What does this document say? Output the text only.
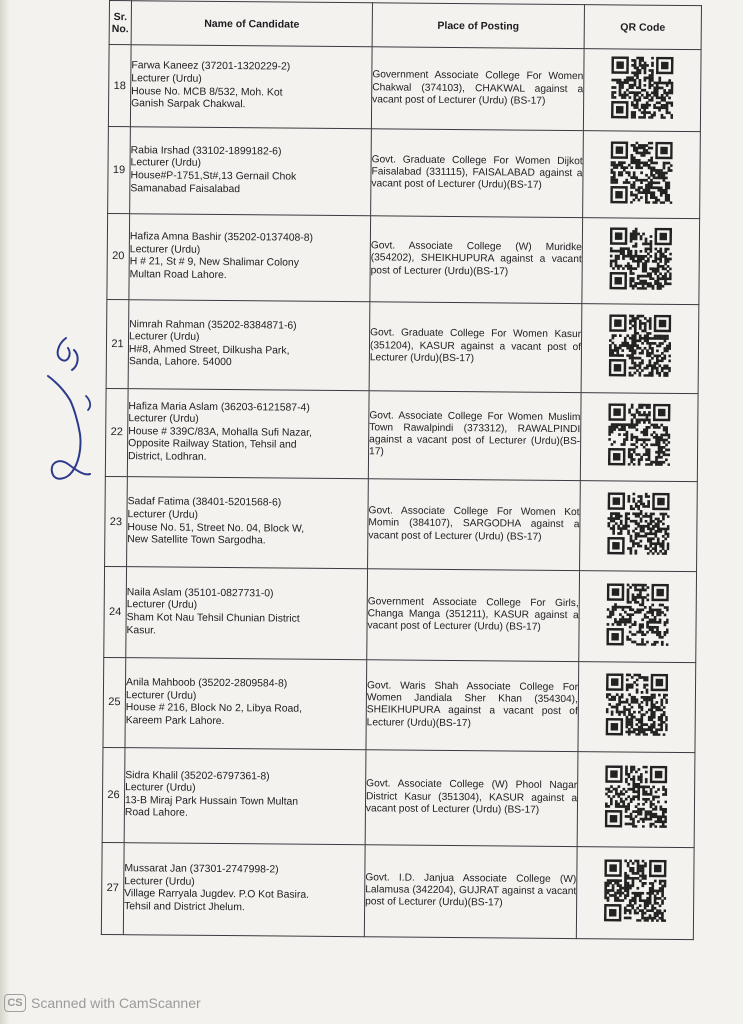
Sr. No.	Name of Candidate	Place of Posting	QR Code
18	Farwa Kaneez (37201-1320229-2)
Lecturer (Urdu)
House No. MCB 8/532, Moh. Kot
Ganish Sarpak Chakwal.	Government Associate College For Women Chakwal (374103), CHAKWAL against a vacant post of Lecturer (Urdu) (BS-17)	
19	Rabia Irshad (33102-1899182-6)
Lecturer (Urdu)
House#P-1751,St#,13 Gernail Chok
Samanabad Faisalabad	Govt. Graduate College For Women Dijkot Faisalabad (331115), FAISALABAD against a vacant post of Lecturer (Urdu)(BS-17)	
20	Hafiza Amna Bashir (35202-0137408-8)
Lecturer (Urdu)
H # 21, St # 9, New Shalimar Colony
Multan Road Lahore.	Govt. Associate College (W) Muridke (354202), SHEIKHUPURA against a vacant post of Lecturer (Urdu)(BS-17)	
21	Nimrah Rahman (35202-8384871-6)
Lecturer (Urdu)
H#8, Ahmed Street, Dilkusha Park,
Sanda, Lahore. 54000	Govt. Graduate College For Women Kasur (351204), KASUR against a vacant post of Lecturer (Urdu)(BS-17)	
22	Hafiza Maria Aslam (36203-6121587-4)
Lecturer (Urdu)
House # 339C/83A, Mohalla Sufi Nazar,
Opposite Railway Station, Tehsil and
District, Lodhran.	Govt. Associate College For Women Muslim Town Rawalpindi (373312), RAWALPINDI against a vacant post of Lecturer (Urdu)(BS-17)	
23	Sadaf Fatima (38401-5201568-6)
Lecturer (Urdu)
House No. 51, Street No. 04, Block W,
New Satellite Town Sargodha.	Govt. Associate College For Women Kot Momin (384107), SARGODHA against a vacant post of Lecturer (Urdu) (BS-17)	
24	Naila Aslam (35101-0827731-0)
Lecturer (Urdu)
Sham Kot Nau Tehsil Chunian District
Kasur.	Government Associate College For Girls, Changa Manga (351211), KASUR against a vacant post of Lecturer (Urdu) (BS-17)	
25	Anila Mahboob (35202-2809584-8)
Lecturer (Urdu)
House # 216, Block No 2, Libya Road,
Kareem Park Lahore.	Govt. Waris Shah Associate College For Women Jandiala Sher Khan (354304), SHEIKHUPURA against a vacant post of Lecturer (Urdu)(BS-17)	
26	Sidra Khalil (35202-6797361-8)
Lecturer (Urdu)
13-B Miraj Park Hussain Town Multan
Road Lahore.	Govt. Associate College (W) Phool Nagar District Kasur (351304), KASUR against a vacant post of Lecturer (Urdu) (BS-17)	
27	Mussarat Jan (37301-2747998-2)
Lecturer (Urdu)
Village Rarryala Jugdev. P.O Kot Basira.
Tehsil and District Jhelum.	Govt. I.D. Janjua Associate College (W) Lalamusa (342204), GUJRAT against a vacant post of Lecturer (Urdu)(BS-17)	
CS Scanned with CamScanner
